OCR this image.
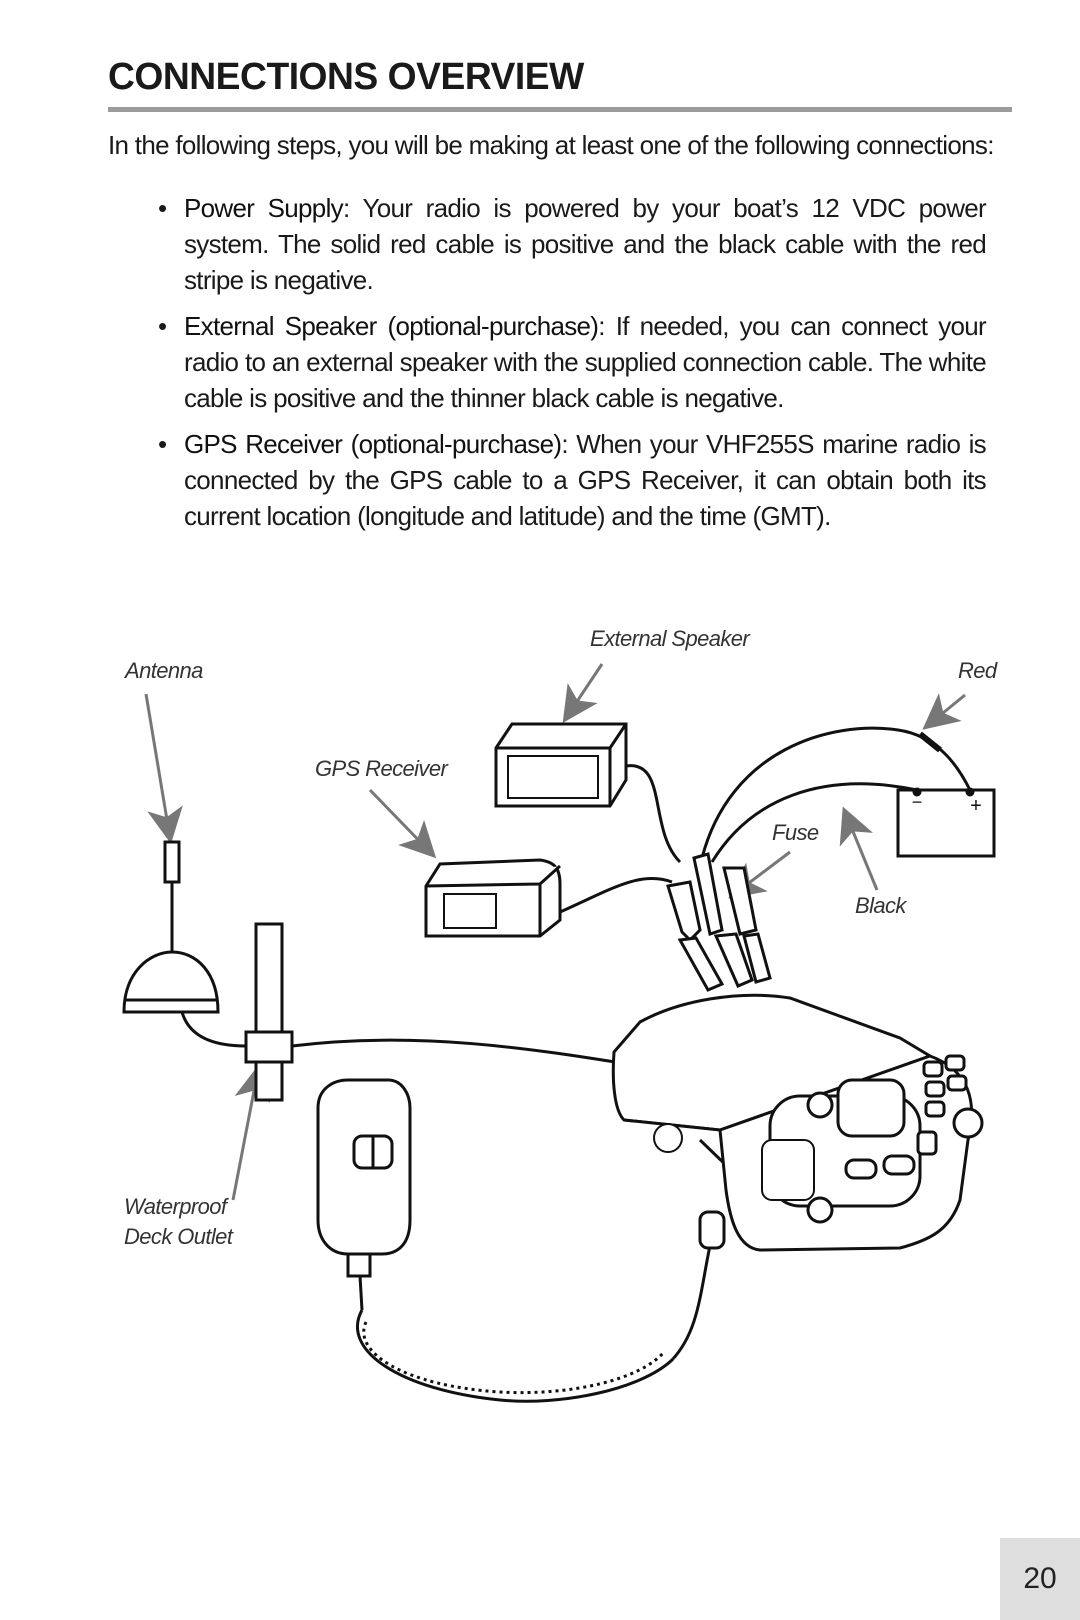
CONNECTIONS OVERVIEW
In the following steps, you will be making at least one of the following connections:
• Power Supply: Your radio is powered by your boat’s 12 VDC power system. The solid red cable is positive and the black cable with the red stripe is negative.
• External Speaker (optional-purchase): If needed, you can connect your radio to an external speaker with the supplied connection cable. The white cable is positive and the thinner black cable is negative.
• GPS Receiver (optional-purchase): When your VHF255S marine radio is connected by the GPS cable to a GPS Receiver, it can obtain both its current location (longitude and latitude) and the time (GMT).
External Speaker
Antenna	Red
GPS Receiver
Fuse
Black
Waterproof
Deck Outlet
− +
20
